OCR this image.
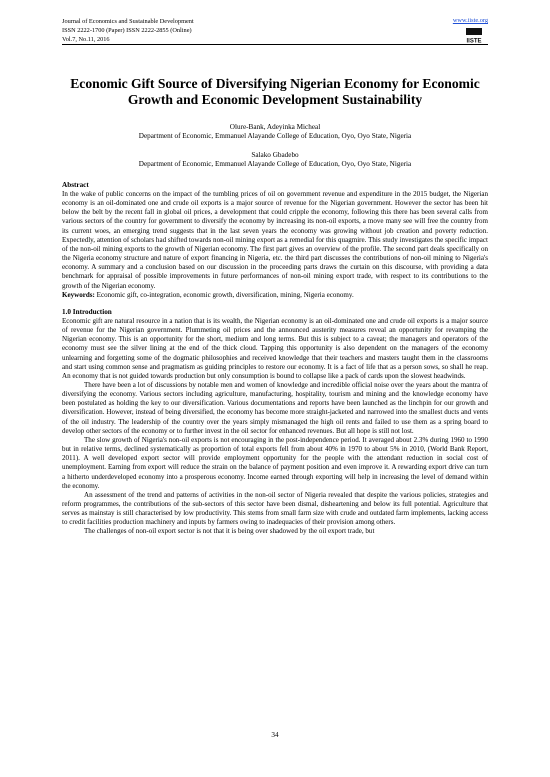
Journal of Economics and Sustainable Development
ISSN 2222-1700 (Paper) ISSN 2222-2855 (Online)
Vol.7, No.11, 2016
www.iiste.org
IISTE
Economic Gift Source of Diversifying Nigerian Economy for Economic Growth and Economic Development Sustainability
Olure-Bank, Adeyinka Micheal
Department of Economic, Emmanuel Alayande College of Education, Oyo, Oyo State, Nigeria
Salako Gbadebo
Department of Economic, Emmanuel Alayande College of Education, Oyo, Oyo State, Nigeria
Abstract

In the wake of public concerns on the impact of the tumbling prices of oil on government revenue and expenditure in the 2015 budget, the Nigerian economy is an oil-dominated one and crude oil exports is a major source of revenue for the Nigerian government. However the sector has been hit below the belt by the recent fall in global oil prices, a development that could cripple the economy, following this there has been several calls from various sectors of the country for government to diversify the economy by increasing its non-oil exports, a move many see will free the country from its current woes, an emerging trend suggests that in the last seven years the economy was growing without job creation and poverty reduction. Expectedly, attention of scholars had shifted towards non-oil mining export as a remedial for this quagmire. This study investigates the specific impact of the non-oil mining exports to the growth of Nigerian economy. The first part gives an overview of the profile. The second part deals specifically on the Nigeria economy structure and nature of export financing in Nigeria, etc. the third part discusses the contributions of non-oil mining to Nigeria's economy. A summary and a conclusion based on our discussion in the proceeding parts draws the curtain on this discourse, with providing a data benchmark for appraisal of possible improvements in future performances of non-oil mining export trade, with respect to its contributions to the growth of the Nigerian economy.

Keywords: Economic gift, co-integration, economic growth, diversification, mining, Nigeria economy.

1.0 Introduction

Economic gift are natural resource in a nation that is its wealth, the Nigerian economy is an oil-dominated one and crude oil exports is a major source of revenue for the Nigerian government. Plummeting oil prices and the announced austerity measures reveal an opportunity for revamping the Nigerian economy. This is an opportunity for the short, medium and long terms. But this is subject to a caveat; the managers and operators of the economy must see the silver lining at the end of the thick cloud. Tapping this opportunity is also dependent on the managers of the economy unlearning and forgetting some of the dogmatic philosophies and received knowledge that their teachers and masters taught them in the classrooms and start using common sense and pragmatism as guiding principles to restore our economy. It is a fact of life that as a person sows, so shall he reap. An economy that is not guided towards production but only consumption is bound to collapse like a pack of cards upon the slowest headwinds.

There have been a lot of discussions by notable men and women of knowledge and incredible official noise over the years about the mantra of diversifying the economy. Various sectors including agriculture, manufacturing, hospitality, tourism and mining and the knowledge economy have been postulated as holding the key to our diversification. Various documentations and reports have been launched as the linchpin for our growth and diversification. However, instead of being diversified, the economy has become more straight-jacketed and narrowed into the smallest ducts and vents of the oil industry. The leadership of the country over the years simply mismanaged the high oil rents and failed to use them as a spring board to develop other sectors of the economy or to further invest in the oil sector for enhanced revenues. But all hope is still not lost.

The slow growth of Nigeria's non-oil exports is not encouraging in the post-independence period. It averaged about 2.3% during 1960 to 1990 but in relative terms, declined systematically as proportion of total exports fell from about 40% in 1970 to about 5% in 2010, (World Bank Report, 2011). A well developed export sector will provide employment opportunity for the people with the attendant reduction in social cost of unemployment. Earning from export will reduce the strain on the balance of payment position and even improve it. A rewarding export drive can turn a hitherto underdeveloped economy into a prosperous economy. Income earned through exporting will help in increasing the level of demand within the economy.

An assessment of the trend and patterns of activities in the non-oil sector of Nigeria revealed that despite the various policies, strategies and reform programmes, the contributions of the sub-sectors of this sector have been dismal, disheartening and below its full potential. Agriculture that serves as mainstay is still characterised by low productivity. This stems from small farm size with crude and outdated farm implements, lacking access to credit facilities production machinery and inputs by farmers owing to inadequacies of their provision among others.

The challenges of non-oil export sector is not that it is being over shadowed by the oil export trade, but

34
